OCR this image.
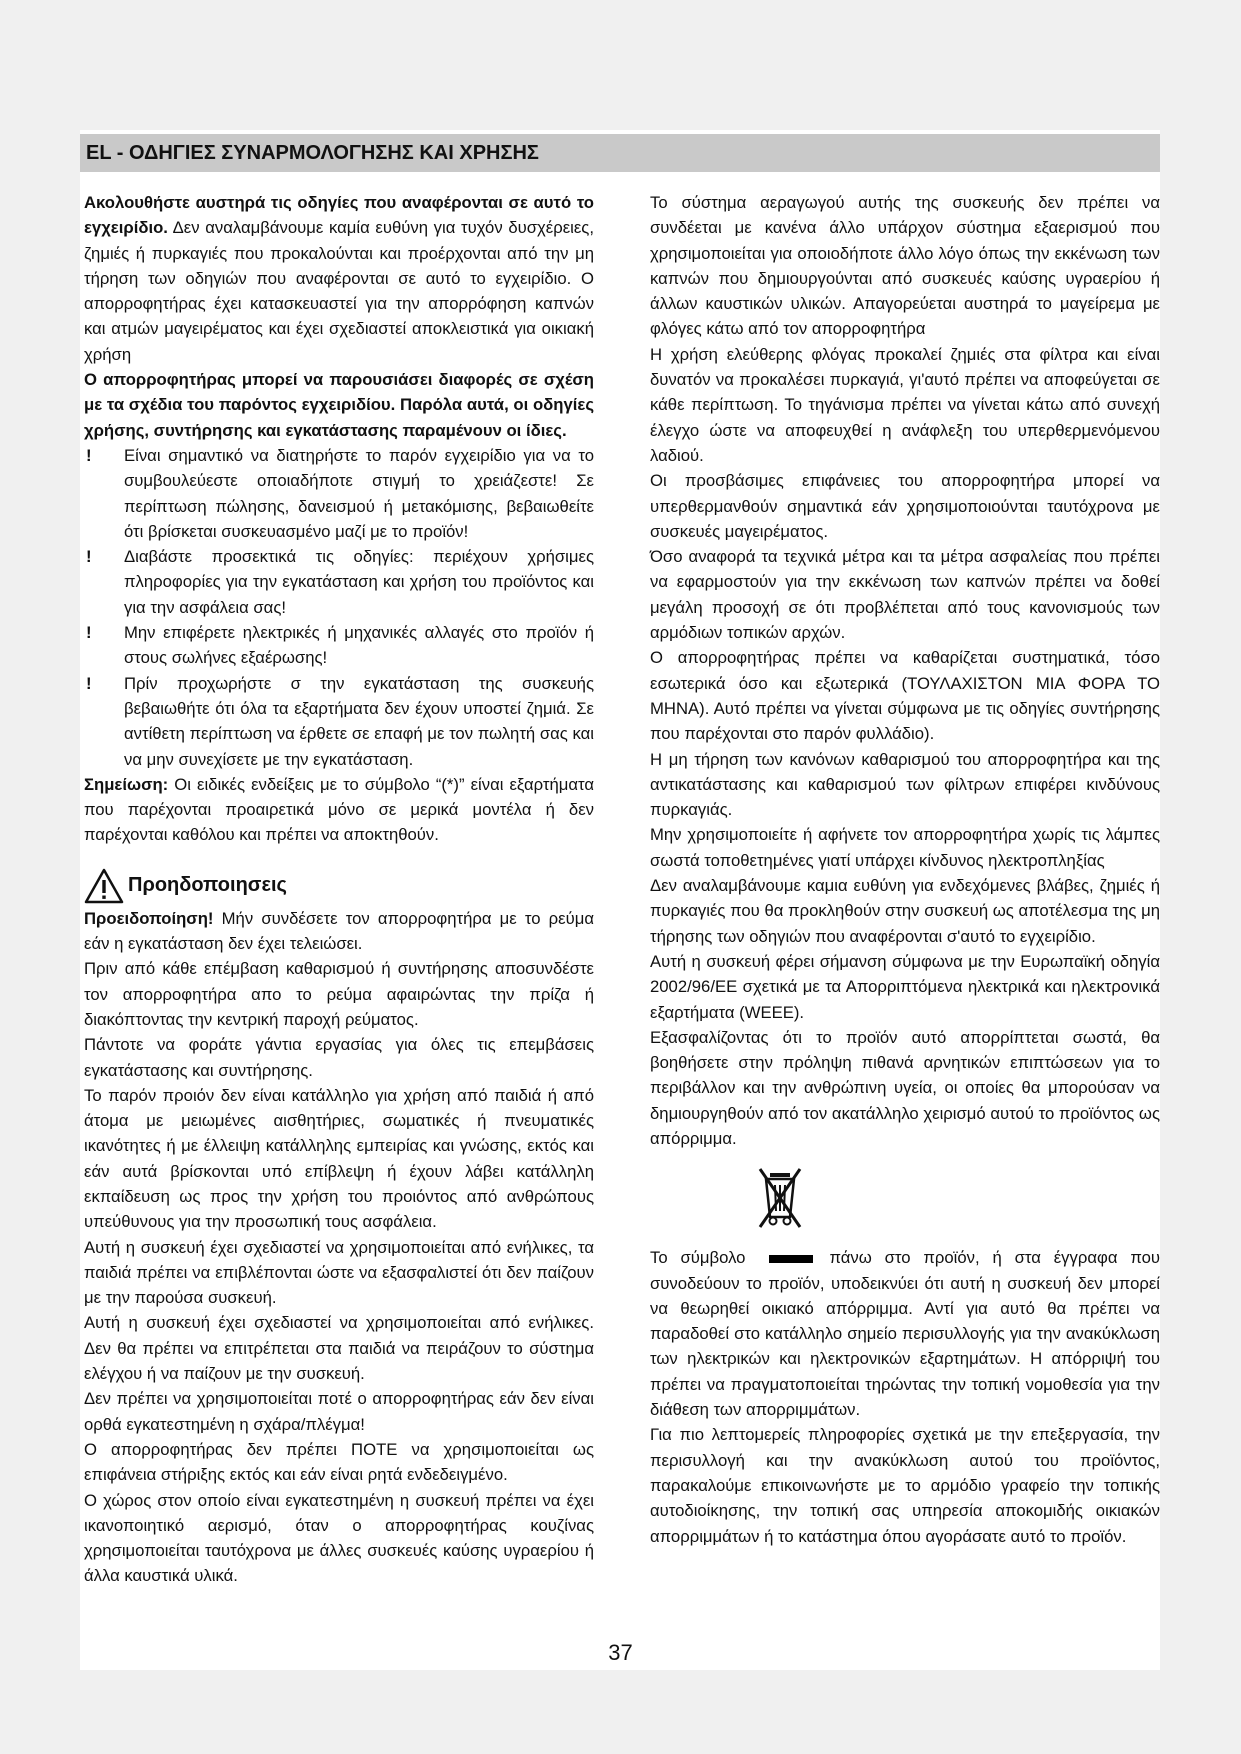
EL - ΟΔΗΓΙΕΣ ΣΥΝΑΡΜΟΛΟΓΗΣΗΣ ΚΑΙ ΧΡΗΣΗΣ

Ακολουθήστε αυστηρά τις οδηγίες που αναφέρονται σε αυτό το εγχειρίδιο. Δεν αναλαμβάνουμε καμία ευθύνη για τυχόν δυσχέρειες, ζημιές ή πυρκαγιές που προκαλούνται και προέρχονται από την μη τήρηση των οδηγιών που αναφέρονται σε αυτό το εγχειρίδιο. Ο απορροφητήρας έχει κατασκευαστεί για την απορρόφηση καπνών και ατμών μαγειρέματος και έχει σχεδιαστεί αποκλειστικά για οικιακή χρήση

Ο απορροφητήρας μπορεί να παρουσιάσει διαφορές σε σχέση με τα σχέδια του παρόντος εγχειριδίου. Παρόλα αυτά, οι οδηγίες χρήσης, συντήρησης και εγκατάστασης παραμένουν οι ίδιες.

!	Είναι σημαντικό να διατηρήστε το παρόν εγχειρίδιο για να το συμβουλεύεστε οποιαδήποτε στιγμή το χρειάζεστε! Σε περίπτωση πώλησης, δανεισμού ή μετακόμισης, βεβαιωθείτε ότι βρίσκεται συσκευασμένο μαζί με το προϊόν!
!	Διαβάστε προσεκτικά τις οδηγίες: περιέχουν χρήσιμες πληροφορίες για την εγκατάσταση και χρήση του προϊόντος και για την ασφάλεια σας!
!	Μην επιφέρετε ηλεκτρικές ή μηχανικές αλλαγές στο προϊόν ή στους σωλήνες εξαέρωσης!
!	Πρίν προχωρήστε σ την εγκατάσταση της συσκευής βεβαιωθήτε ότι όλα τα εξαρτήματα δεν έχουν υποστεί ζημιά. Σε αντίθετη περίπτωση να έρθετε σε επαφή με τον πωλητή σας και να μην συνεχίσετε με την εγκατάσταση.

Σημείωση: Οι ειδικές ενδείξεις με το σύμβολο “(*)” είναι εξαρτήματα που παρέχονται προαιρετικά μόνο σε μερικά μοντέλα ή δεν παρέχονται καθόλου και πρέπει να αποκτηθούν.

Προηδοποιησεις

Προειδοποίηση! Μήν συνδέσετε τον απορροφητήρα με το ρεύμα εάν η εγκατάσταση δεν έχει τελειώσει.

Πριν από κάθε επέμβαση καθαρισμού ή συντήρησης αποσυνδέστε τον απορροφητήρα απο το ρεύμα αφαιρώντας την πρίζα ή διακόπτοντας την κεντρική παροχή ρεύματος.

Πάντοτε να φοράτε γάντια εργασίας για όλες τις επεμβάσεις εγκατάστασης και συντήρησης.

Το παρόν προιόν δεν είναι κατάλληλο για χρήση από παιδιά ή από άτομα με μειωμένες αισθητήριες, σωματικές ή πνευματικές ικανότητες ή με έλλειψη κατάλληλης εμπειρίας και γνώσης, εκτός και εάν αυτά βρίσκονται υπό επίβλεψη ή έχουν λάβει κατάλληλη εκπαίδευση ως προς την χρήση του προιόντος από ανθρώπους υπεύθυνους για την προσωπική τους ασφάλεια.

Αυτή η συσκευή έχει σχεδιαστεί να χρησιμοποιείται από ενήλικες, τα παιδιά πρέπει να επιβλέπονται ώστε να εξασφαλιστεί ότι δεν παίζουν με την παρούσα συσκευή.

Αυτή η συσκευή έχει σχεδιαστεί να χρησιμοποιείται από ενήλικες. Δεν θα πρέπει να επιτρέπεται στα παιδιά να πειράζουν το σύστημα ελέγχου ή να παίζουν με την συσκευή.

Δεν πρέπει να χρησιμοποιείται ποτέ ο απορροφητήρας εάν δεν είναι ορθά εγκατεστημένη η σχάρα/πλέγμα!

Ο απορροφητήρας δεν πρέπει ΠΟΤΕ να χρησιμοποιείται ως επιφάνεια στήριξης εκτός και εάν είναι ρητά ενδεδειγμένο.

Ο χώρος στον οποίο είναι εγκατεστημένη η συσκευή πρέπει να έχει ικανοποιητικό αερισμό, όταν ο απορροφητήρας κουζίνας χρησιμοποιείται ταυτόχρονα με άλλες συσκευές καύσης υγραερίου ή άλλα καυστικά υλικά.

Το σύστημα αεραγωγού αυτής της συσκευής δεν πρέπει να συνδέεται με κανένα άλλο υπάρχον σύστημα εξαερισμού που χρησιμοποιείται για οποιοδήποτε άλλο λόγο όπως την εκκένωση των καπνών που δημιουργούνται από συσκευές καύσης υγραερίου ή άλλων καυστικών υλικών. Απαγορεύεται αυστηρά το μαγείρεμα με φλόγες κάτω από τον απορροφητήρα

Η χρήση ελεύθερης φλόγας προκαλεί ζημιές στα φίλτρα και είναι δυνατόν να προκαλέσει πυρκαγιά, γι'αυτό πρέπει να αποφεύγεται σε κάθε περίπτωση. Το τηγάνισμα πρέπει να γίνεται κάτω από συνεχή έλεγχο ώστε να αποφευχθεί η ανάφλεξη του υπερθερμενόμενου λαδιού.

Οι προσβάσιμες επιφάνειες του απορροφητήρα μπορεί να υπερθερμανθούν σημαντικά εάν χρησιμοποιούνται ταυτόχρονα με συσκευές μαγειρέματος.

Όσο αναφορά τα τεχνικά μέτρα και τα μέτρα ασφαλείας που πρέπει να εφαρμοστούν για την εκκένωση των καπνών πρέπει να δοθεί μεγάλη προσοχή σε ότι προβλέπεται από τους κανονισμούς των αρμόδιων τοπικών αρχών.

Ο απορροφητήρας πρέπει να καθαρίζεται συστηματικά, τόσο εσωτερικά όσο και εξωτερικά (ΤΟΥΛΑΧΙΣΤΟΝ ΜΙΑ ΦΟΡΑ ΤΟ ΜΗΝΑ). Αυτό πρέπει να γίνεται σύμφωνα με τις οδηγίες συντήρησης που παρέχονται στο παρόν φυλλάδιο).

Η μη τήρηση των κανόνων καθαρισμού του απορροφητήρα και της αντικατάστασης και καθαρισμού των φίλτρων επιφέρει κινδύνους πυρκαγιάς.

Μην χρησιμοποιείτε ή αφήνετε τον απορροφητήρα χωρίς τις λάμπες σωστά τοποθετημένες γιατί υπάρχει κίνδυνος ηλεκτροπληξίας

Δεν αναλαμβάνουμε καμια ευθύνη για ενδεχόμενες βλάβες, ζημιές ή πυρκαγιές που θα προκληθούν στην συσκευή ως αποτέλεσμα της μη τήρησης των οδηγιών που αναφέρονται σ'αυτό το εγχειρίδιο.

Αυτή η συσκευή φέρει σήμανση σύμφωνα με την Ευρωπαϊκή οδηγία 2002/96/ΕΕ σχετικά με τα Απορριπτόμενα ηλεκτρικά και ηλεκτρονικά εξαρτήματα (WEEE).

Εξασφαλίζοντας ότι το προϊόν αυτό απορρίπτεται σωστά, θα βοηθήσετε στην πρόληψη πιθανά αρνητικών επιπτώσεων για το περιβάλλον και την ανθρώπινη υγεία, οι οποίες θα μπορούσαν να δημιουργηθούν από τον ακατάλληλο χειρισμό αυτού το προϊόντος ως απόρριμμα.

Το σύμβολο	πάνω στο προϊόν, ή στα έγγραφα που συνοδεύουν το προϊόν, υποδεικνύει ότι αυτή η συσκευή δεν μπορεί να θεωρηθεί οικιακό απόρριμμα. Αντί για αυτό θα πρέπει να παραδοθεί στο κατάλληλο σημείο περισυλλογής για την ανακύκλωση των ηλεκτρικών και ηλεκτρονικών εξαρτημάτων. Η απόρριψή του πρέπει να πραγματοποιείται τηρώντας την τοπική νομοθεσία για την διάθεση των απορριμμάτων.

Για πιο λεπτομερείς πληροφορίες σχετικά με την επεξεργασία, την περισυλλογή και την ανακύκλωση αυτού του προϊόντος, παρακαλούμε επικοινωνήστε με το αρμόδιο γραφείο την τοπικής αυτοδιοίκησης, την τοπική σας υπηρεσία αποκομιδής οικιακών απορριμμάτων ή το κατάστημα όπου αγοράσατε αυτό το προϊόν.

37
